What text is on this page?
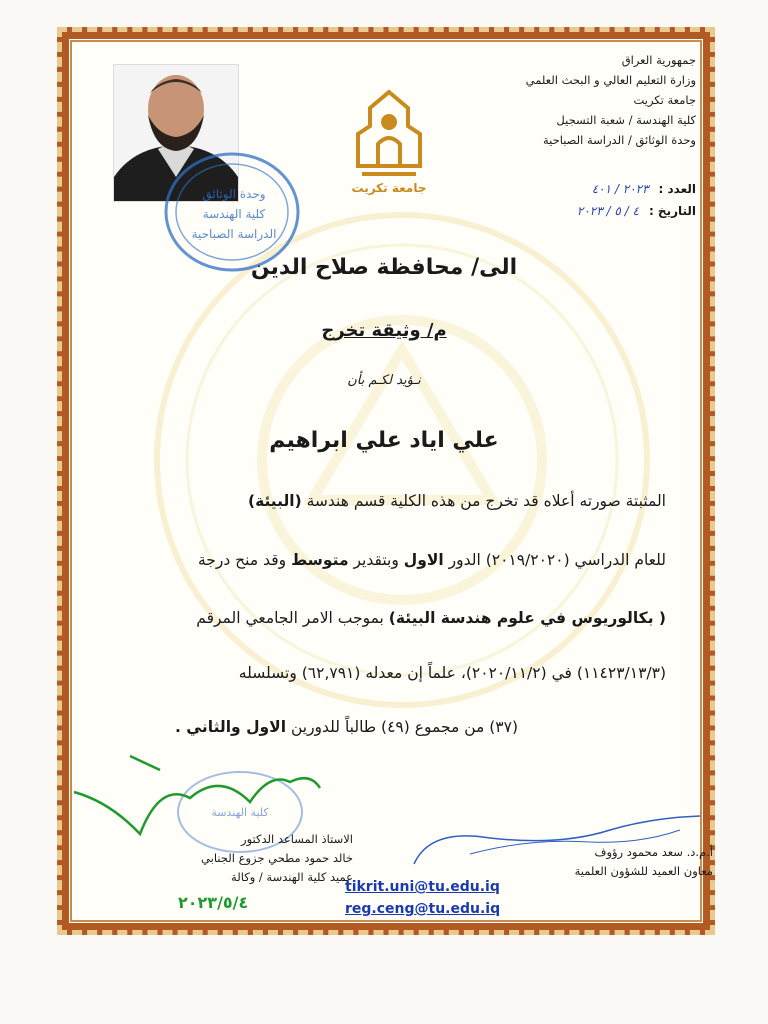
جمهورية العراق
وزارة التعليم العالي و البحث العلمي
جامعة تكريت
كلية الهندسة / شعبة التسجيل
وحدة الوثائق / الدراسة الصباحية
العدد :٢٠٢٣ / ٤٠١
التاريخ :٤ / ٥ / ٢٠٢٣
جامعة تكريت
وحدة الوثائق
كلية الهندسة
الدراسة الصباحية
الى/ محافظة صلاح الدين
م/ وثيقة تخرج
نـؤيد لكـم بأن
علي اياد علي ابراهيم
المثبتة صورته أعلاه قد تخرج من هذه الكلية قسم هندسة (البيئة)
للعام الدراسي (٢٠١٩/٢٠٢٠) الدور الاول وبتقدير متوسط وقد منح درجة
( بكالوريوس في علوم هندسة البيئة) بموجب الامر الجامعي المرقم
(١١٤٢٣/١٣/٣) في (٢٠٢٠/١١/٢)، علماً إن معدله (٦٢,٧٩١) وتسلسله
(٣٧) من مجموع (٤٩) طالباً للدورين الاول والثاني .
كلية الهندسة
الاستاذ المساعد الدكتور
خالد حمود مطحي جزوع الجنابي
عميد كلية الهندسة / وكالة
٢٠٢٣/٥/٤
أ.م.د. سعد محمود رؤوف
معاون العميد للشؤون العلمية
tikrit.uni@tu.edu.iq
reg.ceng@tu.edu.iq
